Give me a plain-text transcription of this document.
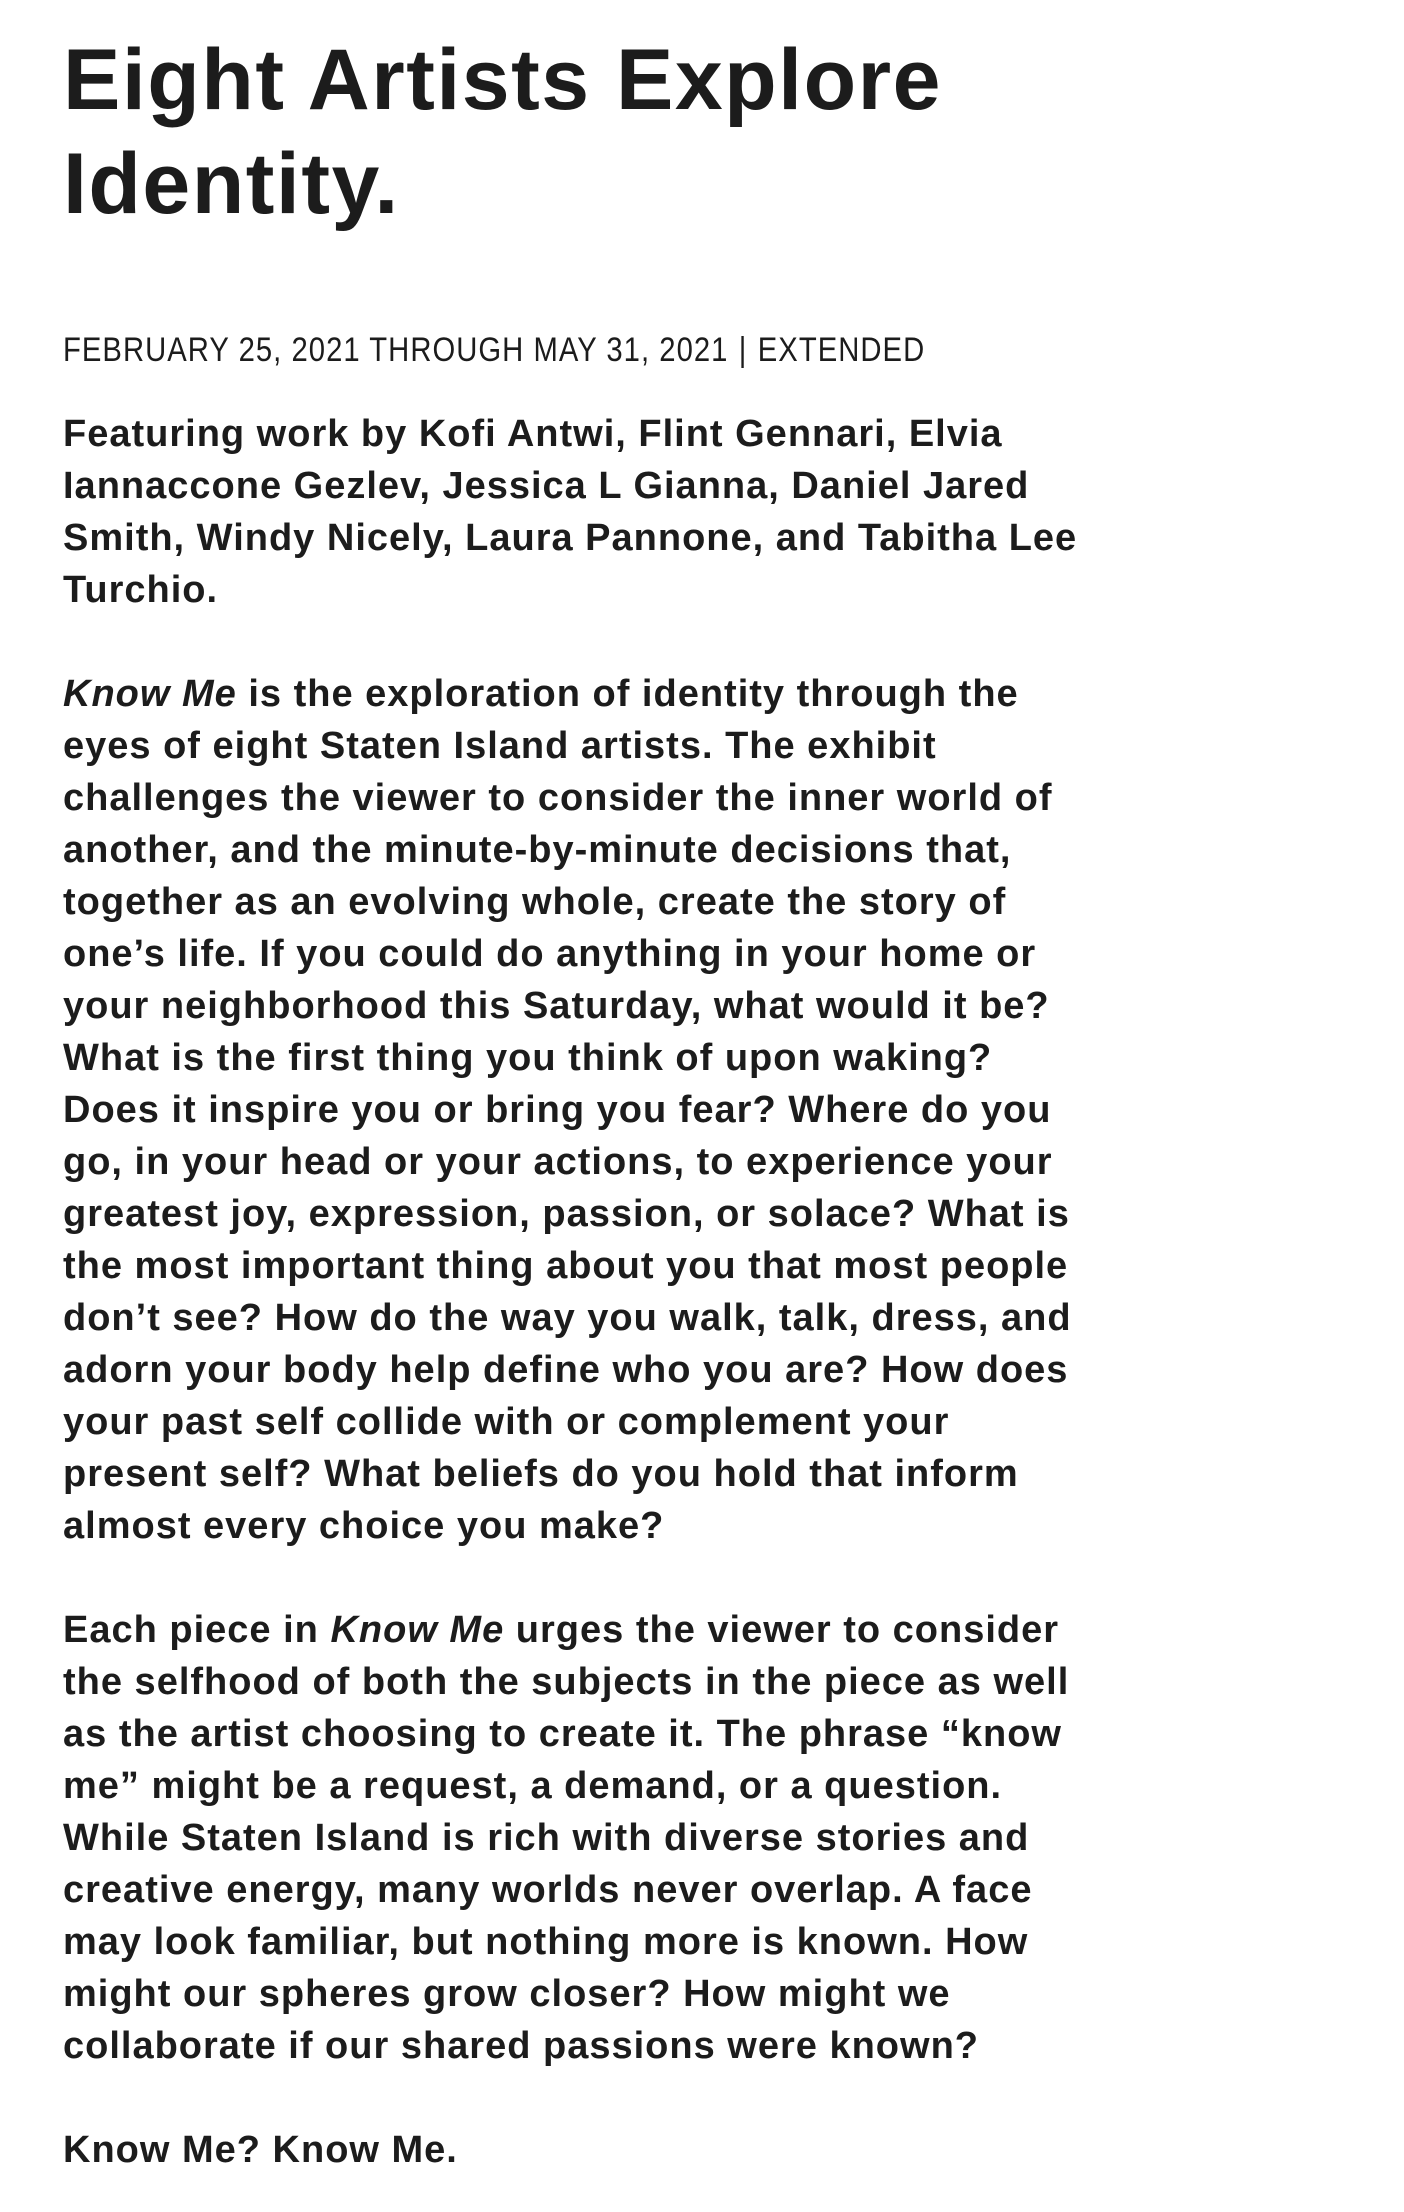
Eight Artists Explore
Identity.
FEBRUARY 25, 2021 THROUGH MAY 31, 2021 | EXTENDED

Featuring work by Kofi Antwi, Flint Gennari, Elvia
Iannaccone Gezlev, Jessica L Gianna, Daniel Jared
Smith, Windy Nicely, Laura Pannone, and Tabitha Lee
Turchio.

Know Me is the exploration of identity through the
eyes of eight Staten Island artists. The exhibit
challenges the viewer to consider the inner world of
another, and the minute-by-minute decisions that,
together as an evolving whole, create the story of
one’s life. If you could do anything in your home or
your neighborhood this Saturday, what would it be?
What is the first thing you think of upon waking?
Does it inspire you or bring you fear? Where do you
go, in your head or your actions, to experience your
greatest joy, expression, passion, or solace? What is
the most important thing about you that most people
don’t see? How do the way you walk, talk, dress, and
adorn your body help define who you are? How does
your past self collide with or complement your
present self? What beliefs do you hold that inform
almost every choice you make?

Each piece in Know Me urges the viewer to consider
the selfhood of both the subjects in the piece as well
as the artist choosing to create it. The phrase “know
me” might be a request, a demand, or a question.
While Staten Island is rich with diverse stories and
creative energy, many worlds never overlap. A face
may look familiar, but nothing more is known. How
might our spheres grow closer? How might we
collaborate if our shared passions were known?

Know Me? Know Me.
